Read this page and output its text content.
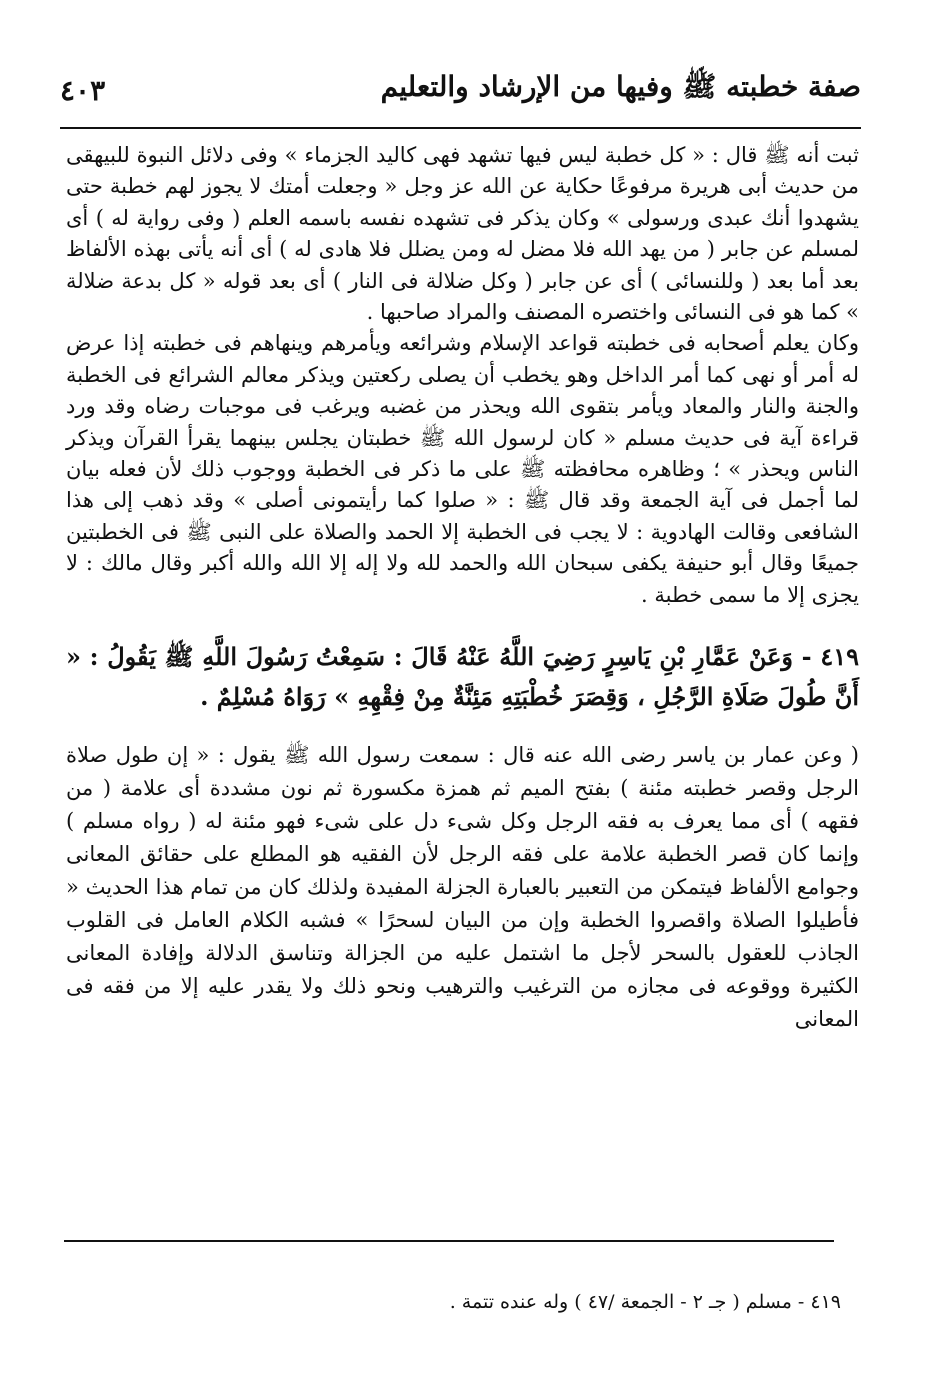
صفة خطبته ﷺ وفيها من الإرشاد والتعليم
٤٠٣

ثبت أنه ﷺ قال : « كل خطبة ليس فيها تشهد فهى كاليد الجزماء » وفى دلائل النبوة للبيهقى من حديث أبى هريرة مرفوعًا حكاية عن الله عز وجل « وجعلت أمتك لا يجوز لهم خطبة حتى يشهدوا أنك عبدى ورسولى » وكان يذكر فى تشهده نفسه باسمه العلم ( وفى رواية له ) أى لمسلم عن جابر ( من يهد الله فلا مضل له ومن يضلل فلا هادى له ) أى أنه يأتى بهذه الألفاظ بعد أما بعد ( وللنسائى ) أى عن جابر ( وكل ضلالة فى النار ) أى بعد قوله « كل بدعة ضلالة » كما هو فى النسائى واختصره المصنف والمراد صاحبها .

وكان يعلم أصحابه فى خطبته قواعد الإسلام وشرائعه ويأمرهم وينهاهم فى خطبته إذا عرض له أمر أو نهى كما أمر الداخل وهو يخطب أن يصلى ركعتين ويذكر معالم الشرائع فى الخطبة والجنة والنار والمعاد ويأمر بتقوى الله ويحذر من غضبه ويرغب فى موجبات رضاه وقد ورد قراءة آية فى حديث مسلم « كان لرسول الله ﷺ خطبتان يجلس بينهما يقرأ القرآن ويذكر الناس ويحذر » ؛ وظاهره محافظته ﷺ على ما ذكر فى الخطبة ووجوب ذلك لأن فعله بيان لما أجمل فى آية الجمعة وقد قال ﷺ : « صلوا كما رأيتمونى أصلى » وقد ذهب إلى هذا الشافعى وقالت الهادوية : لا يجب فى الخطبة إلا الحمد والصلاة على النبى ﷺ فى الخطبتين جميعًا وقال أبو حنيفة يكفى سبحان الله والحمد لله ولا إله إلا الله والله أكبر وقال مالك : لا يجزى إلا ما سمى خطبة .

٤١٩ - وَعَنْ عَمَّارِ بْنِ يَاسِرٍ رَضِيَ اللَّهُ عَنْهُ قَالَ : سَمِعْتُ رَسُولَ اللَّهِ ﷺ يَقُولُ : « أَنَّ طُولَ صَلَاةِ الرَّجُلِ ، وَقِصَرَ خُطْبَتِهِ مَئِنَّةٌ مِنْ فِقْهِهِ » رَوَاهُ مُسْلِمٌ .

( وعن عمار بن ياسر رضى الله عنه قال : سمعت رسول الله ﷺ يقول : « إن طول صلاة الرجل وقصر خطبته مئنة ) بفتح الميم ثم همزة مكسورة ثم نون مشددة أى علامة ( من فقهه ) أى مما يعرف به فقه الرجل وكل شىء دل على شىء فهو مئنة له ( رواه مسلم ) وإنما كان قصر الخطبة علامة على فقه الرجل لأن الفقيه هو المطلع على حقائق المعانى وجوامع الألفاظ فيتمكن من التعبير بالعبارة الجزلة المفيدة ولذلك كان من تمام هذا الحديث « فأطيلوا الصلاة واقصروا الخطبة وإن من البيان لسحرًا » فشبه الكلام العامل فى القلوب الجاذب للعقول بالسحر لأجل ما اشتمل عليه من الجزالة وتناسق الدلالة وإفادة المعانى الكثيرة ووقوعه فى مجازه من الترغيب والترهيب ونحو ذلك ولا يقدر عليه إلا من فقه فى المعانى

٤١٩ - مسلم ( جـ ٢ - الجمعة /٤٧ ) وله عنده تتمة .
